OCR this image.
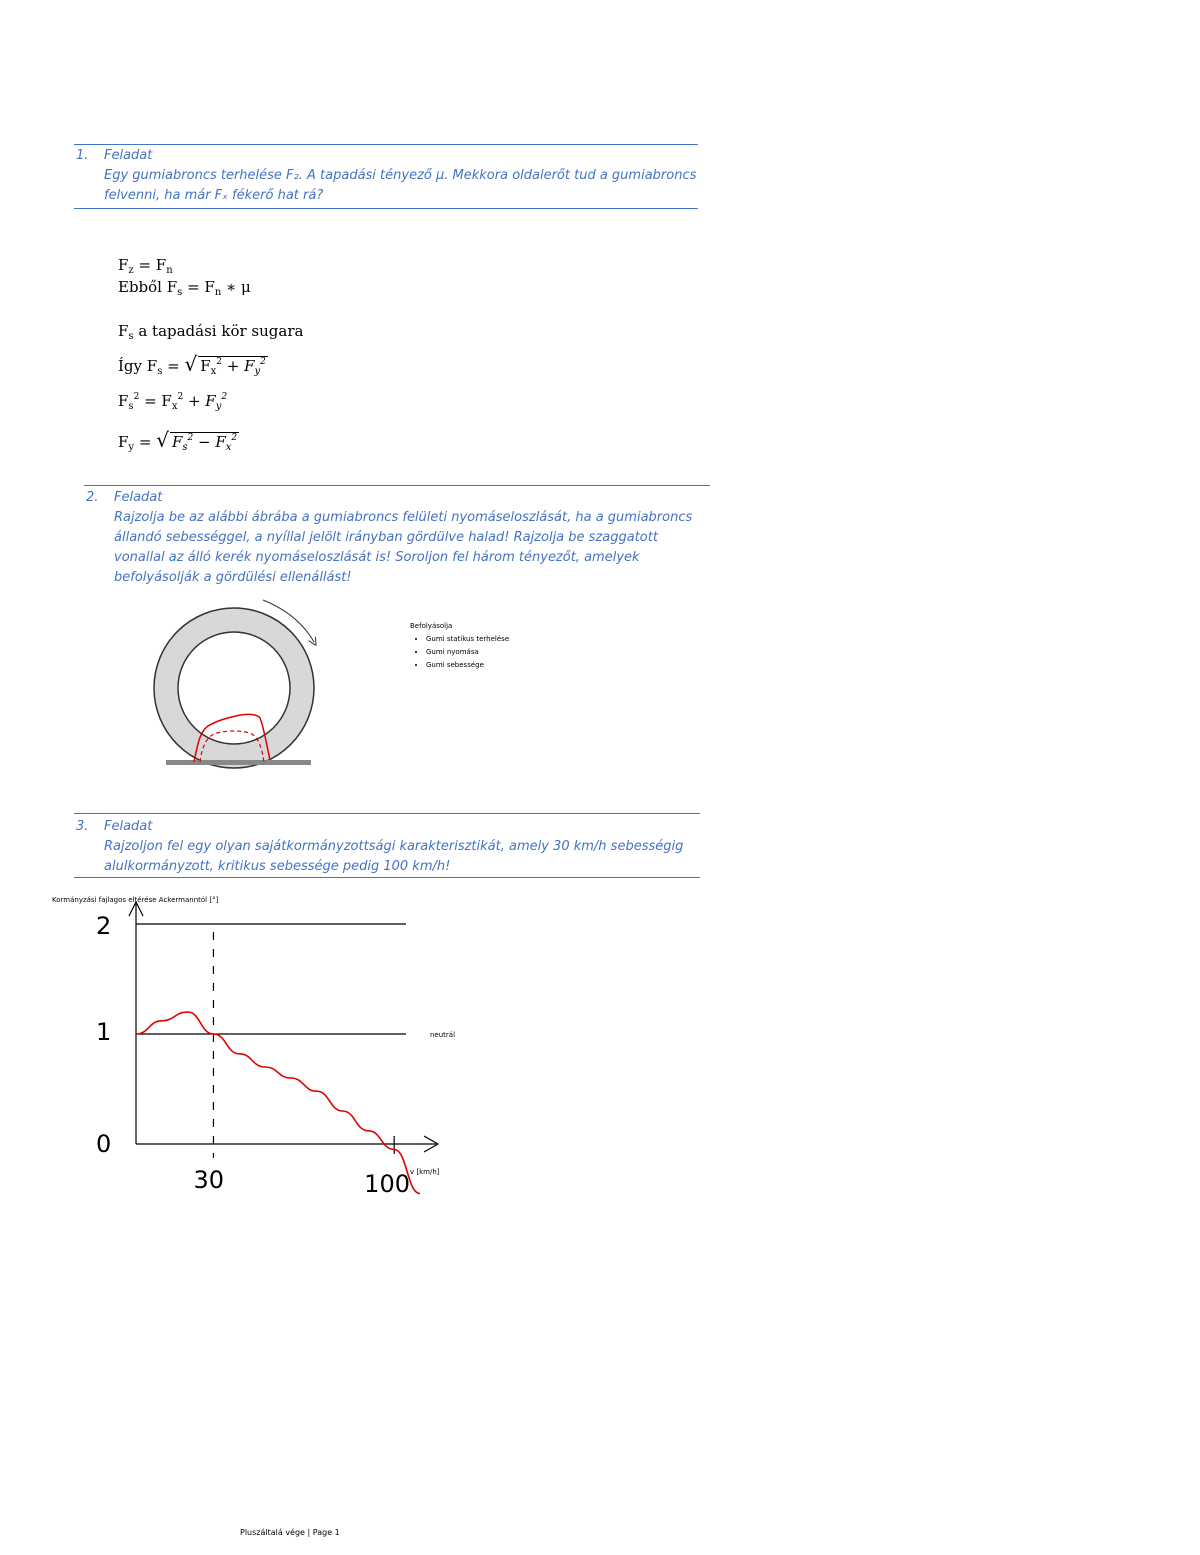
1. Feladat
Egy gumiabroncs terhelése F₂. A tapadási tényező μ. Mekkora oldalerőt tud a gumiabroncs felvenni, ha már Fₓ fékerő hat rá?
$F_z = F_n$
Ebből $F_s = F_n$ ∗ μ
$F_s$ a tapadási kör sugara
Így $F_s$ = √ $F_x^2 + F_y^2$
$F_s^2 = F_x^2 + F_y^2$
$F_y$ = √ $F_s^2 - F_x^2$
2. Feladat
Rajzolja be az alábbi ábrába a gumiabroncs felületi nyomáseloszlását, ha a gumiabroncs állandó sebességgel, a nyíllal jelölt irányban gördülve halad! Rajzolja be szaggatott vonallal az álló kerék nyomáseloszlását is! Soroljon fel három tényezőt, amelyek befolyásolják a gördülési ellenállást!
Befolyásolja
• Gumi statikus terhelése
• Gumi nyomása
• Gumi sebessége
3. Feladat
Rajzoljon fel egy olyan sajátkormányzottsági karakterisztikát, amely 30 km/h sebességig alulkormányzott, kritikus sebessége pedig 100 km/h!
Kormányzási fajlagos eltérése Ackermanntól [°]
neutrál
0
1
2
30	100 v [km/h]
Pluszáltalá vége | Page 1
